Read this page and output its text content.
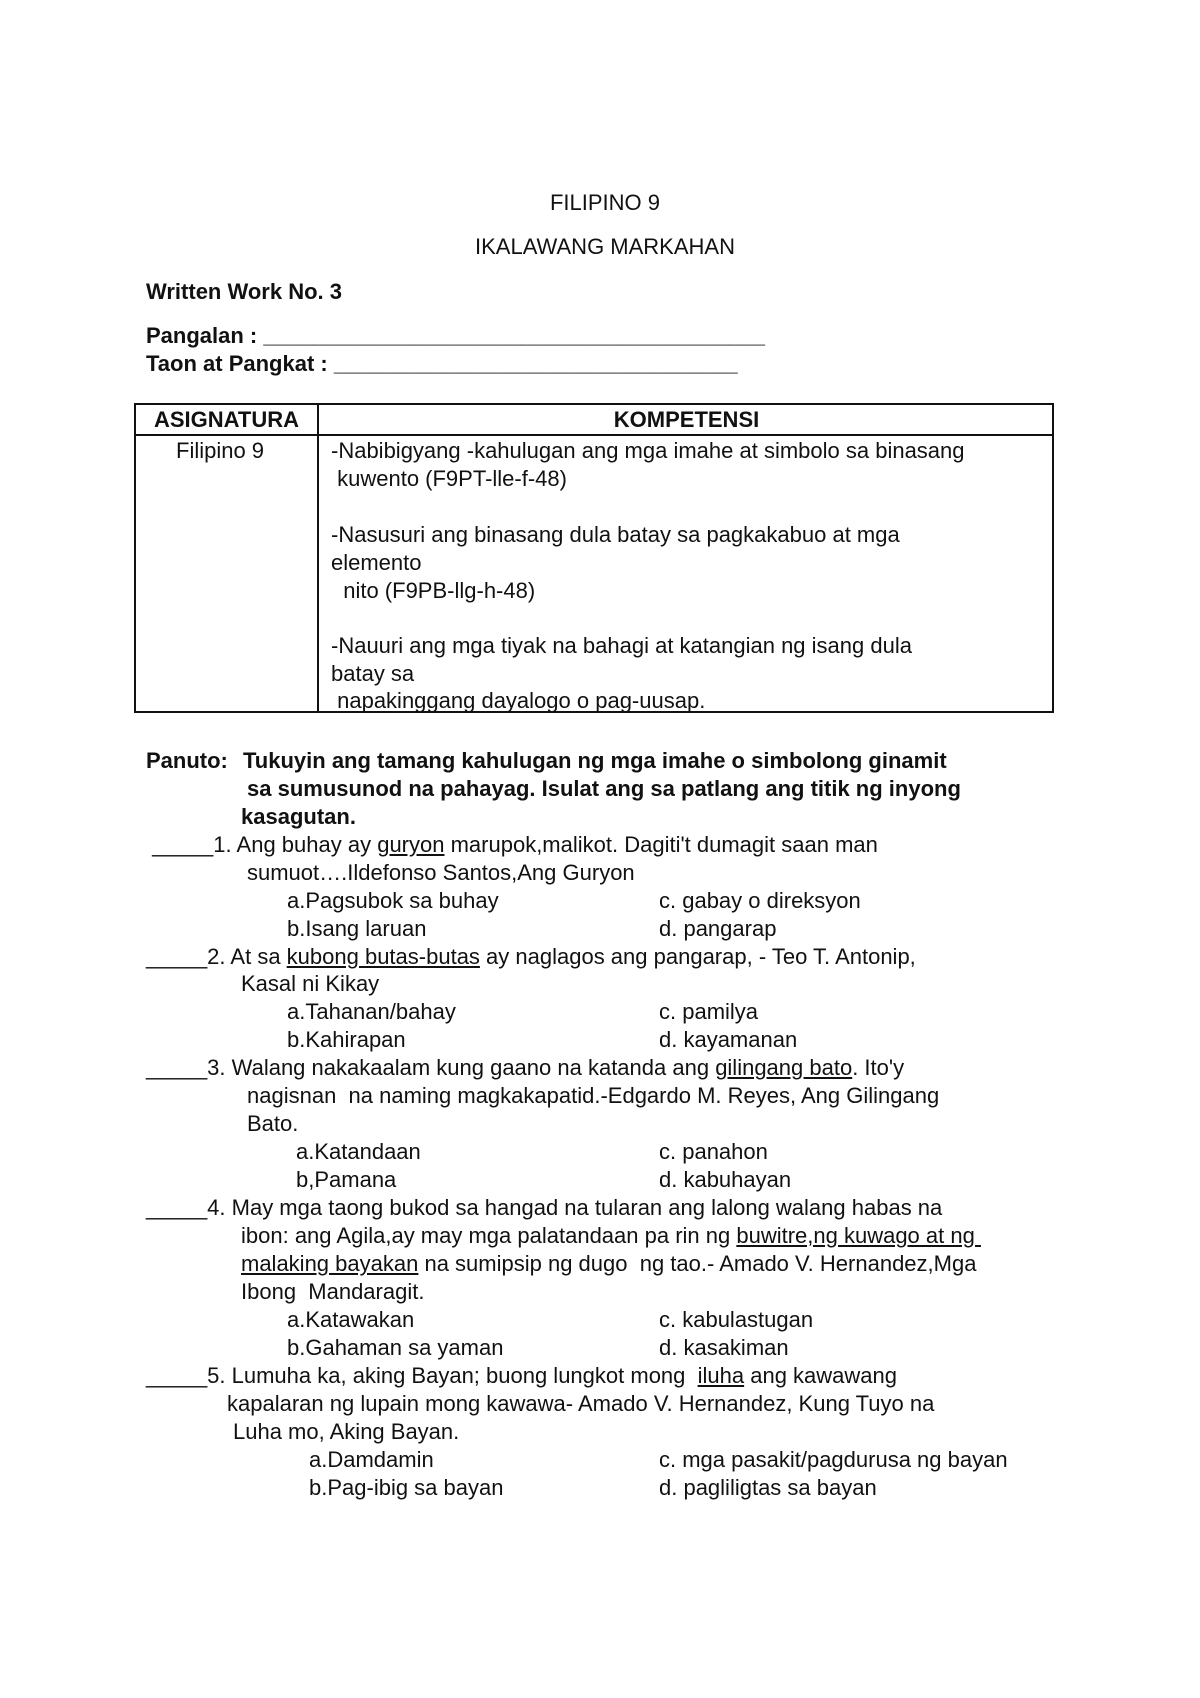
FILIPINO 9
IKALAWANG MARKAHAN
Written Work No. 3
Pangalan : _________________________________________
Taon at Pangkat : _________________________________
ASIGNATURA	KOMPETENSI
Filipino 9	-Nabibigyang -kahulugan ang mga imahe at simbolo sa binasang
kuwento (F9PT-lle-f-48)
-Nasusuri ang binasang dula batay sa pagkakabuo at mga
elemento
nito (F9PB-llg-h-48)
-Nauuri ang mga tiyak na bahagi at katangian ng isang dula
batay sa
napakinggang dayalogo o pag-uusap.
Panuto: Tukuyin ang tamang kahulugan ng mga imahe o simbolong ginamit
sa sumusunod na pahayag. Isulat ang sa patlang ang titik ng inyong
kasagutan.
_____1. Ang buhay ay guryon marupok,malikot. Dagiti't dumagit saan man
sumuot….Ildefonso Santos,Ang Guryon
a.Pagsubok sa buhay	c. gabay o direksyon
b.Isang laruan	d. pangarap
_____2. At sa kubong butas-butas ay naglagos ang pangarap, - Teo T. Antonip,
Kasal ni Kikay
a.Tahanan/bahay	c. pamilya
b.Kahirapan	d. kayamanan
_____3. Walang nakakaalam kung gaano na katanda ang gilingang bato. Ito'y
nagisnan  na naming magkakapatid.-Edgardo M. Reyes, Ang Gilingang
Bato.
a.Katandaan	c. panahon
b,Pamana	d. kabuhayan
_____4. May mga taong bukod sa hangad na tularan ang lalong walang habas na
ibon: ang Agila,ay may mga palatandaan pa rin ng buwitre,ng kuwago at ng
malaking bayakan na sumipsip ng dugo  ng tao.- Amado V. Hernandez,Mga
Ibong  Mandaragit.
a.Katawakan	c. kabulastugan
b.Gahaman sa yaman	d. kasakiman
_____5. Lumuha ka, aking Bayan; buong lungkot mong  iluha ang kawawang
kapalaran ng lupain mong kawawa- Amado V. Hernandez, Kung Tuyo na
Luha mo, Aking Bayan.
a.Damdamin	c. mga pasakit/pagdurusa ng bayan
b.Pag-ibig sa bayan	d. pagliligtas sa bayan
